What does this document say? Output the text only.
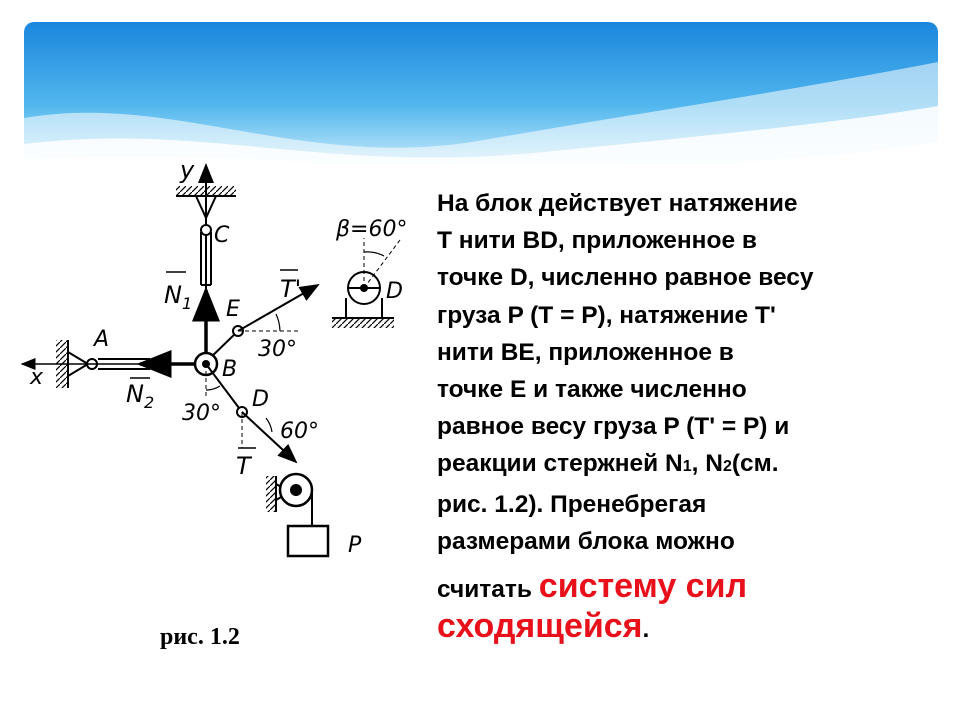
y
C
$N_1$ E
T'
30°
β=60°
D
A
x
$N_2$
B
30°
D
60°
T
P
На блок действует натяжение
T нити BD, приложенное в
точке D, численно равное весу
груза P (T = P), натяжение T'
нити BE, приложенное в
точке E и также численно
равное весу груза P (T' = P) и
реакции стержней N1, N2(см.
рис. 1.2). Пренебрегая
размерами блока можно
считать систему сил
сходящейся.
рис. 1.2
